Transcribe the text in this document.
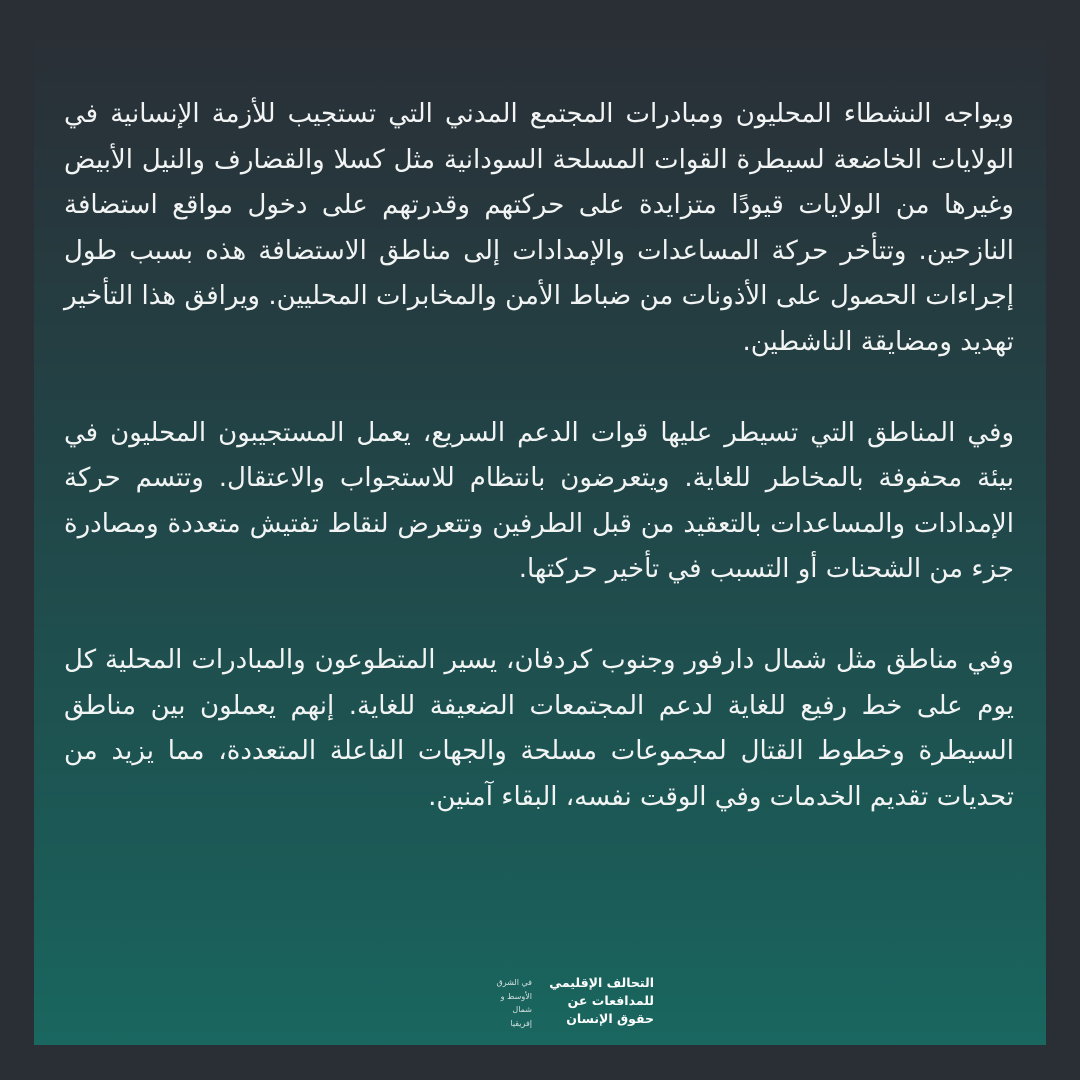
ويواجه النشطاء المحليون ومبادرات المجتمع المدني التي تستجيب للأزمة الإنسانية في الولايات الخاضعة لسيطرة القوات المسلحة السودانية مثل كسلا والقضارف والنيل الأبيض وغيرها من الولايات قيودًا متزايدة على حركتهم وقدرتهم على دخول مواقع استضافة النازحين. وتتأخر حركة المساعدات والإمدادات إلى مناطق الاستضافة هذه بسبب طول إجراءات الحصول على الأذونات من ضباط الأمن والمخابرات المحليين. ويرافق هذا التأخير تهديد ومضايقة الناشطين.

وفي المناطق التي تسيطر عليها قوات الدعم السريع، يعمل المستجيبون المحليون في بيئة محفوفة بالمخاطر للغاية. ويتعرضون بانتظام للاستجواب والاعتقال. وتتسم حركة الإمدادات والمساعدات بالتعقيد من قبل الطرفين وتتعرض لنقاط تفتيش متعددة ومصادرة جزء من الشحنات أو التسبب في تأخير حركتها.

وفي مناطق مثل شمال دارفور وجنوب كردفان، يسير المتطوعون والمبادرات المحلية كل يوم على خط رفيع للغاية لدعم المجتمعات الضعيفة للغاية. إنهم يعملون بين مناطق السيطرة وخطوط القتال لمجموعات مسلحة والجهات الفاعلة المتعددة، مما يزيد من تحديات تقديم الخدمات وفي الوقت نفسه، البقاء آمنين.

التحالف الإقليمي
للمدافعات عن
حقوق الإنسان
في الشرق
الأوسط و
شمال
إفريقيا
